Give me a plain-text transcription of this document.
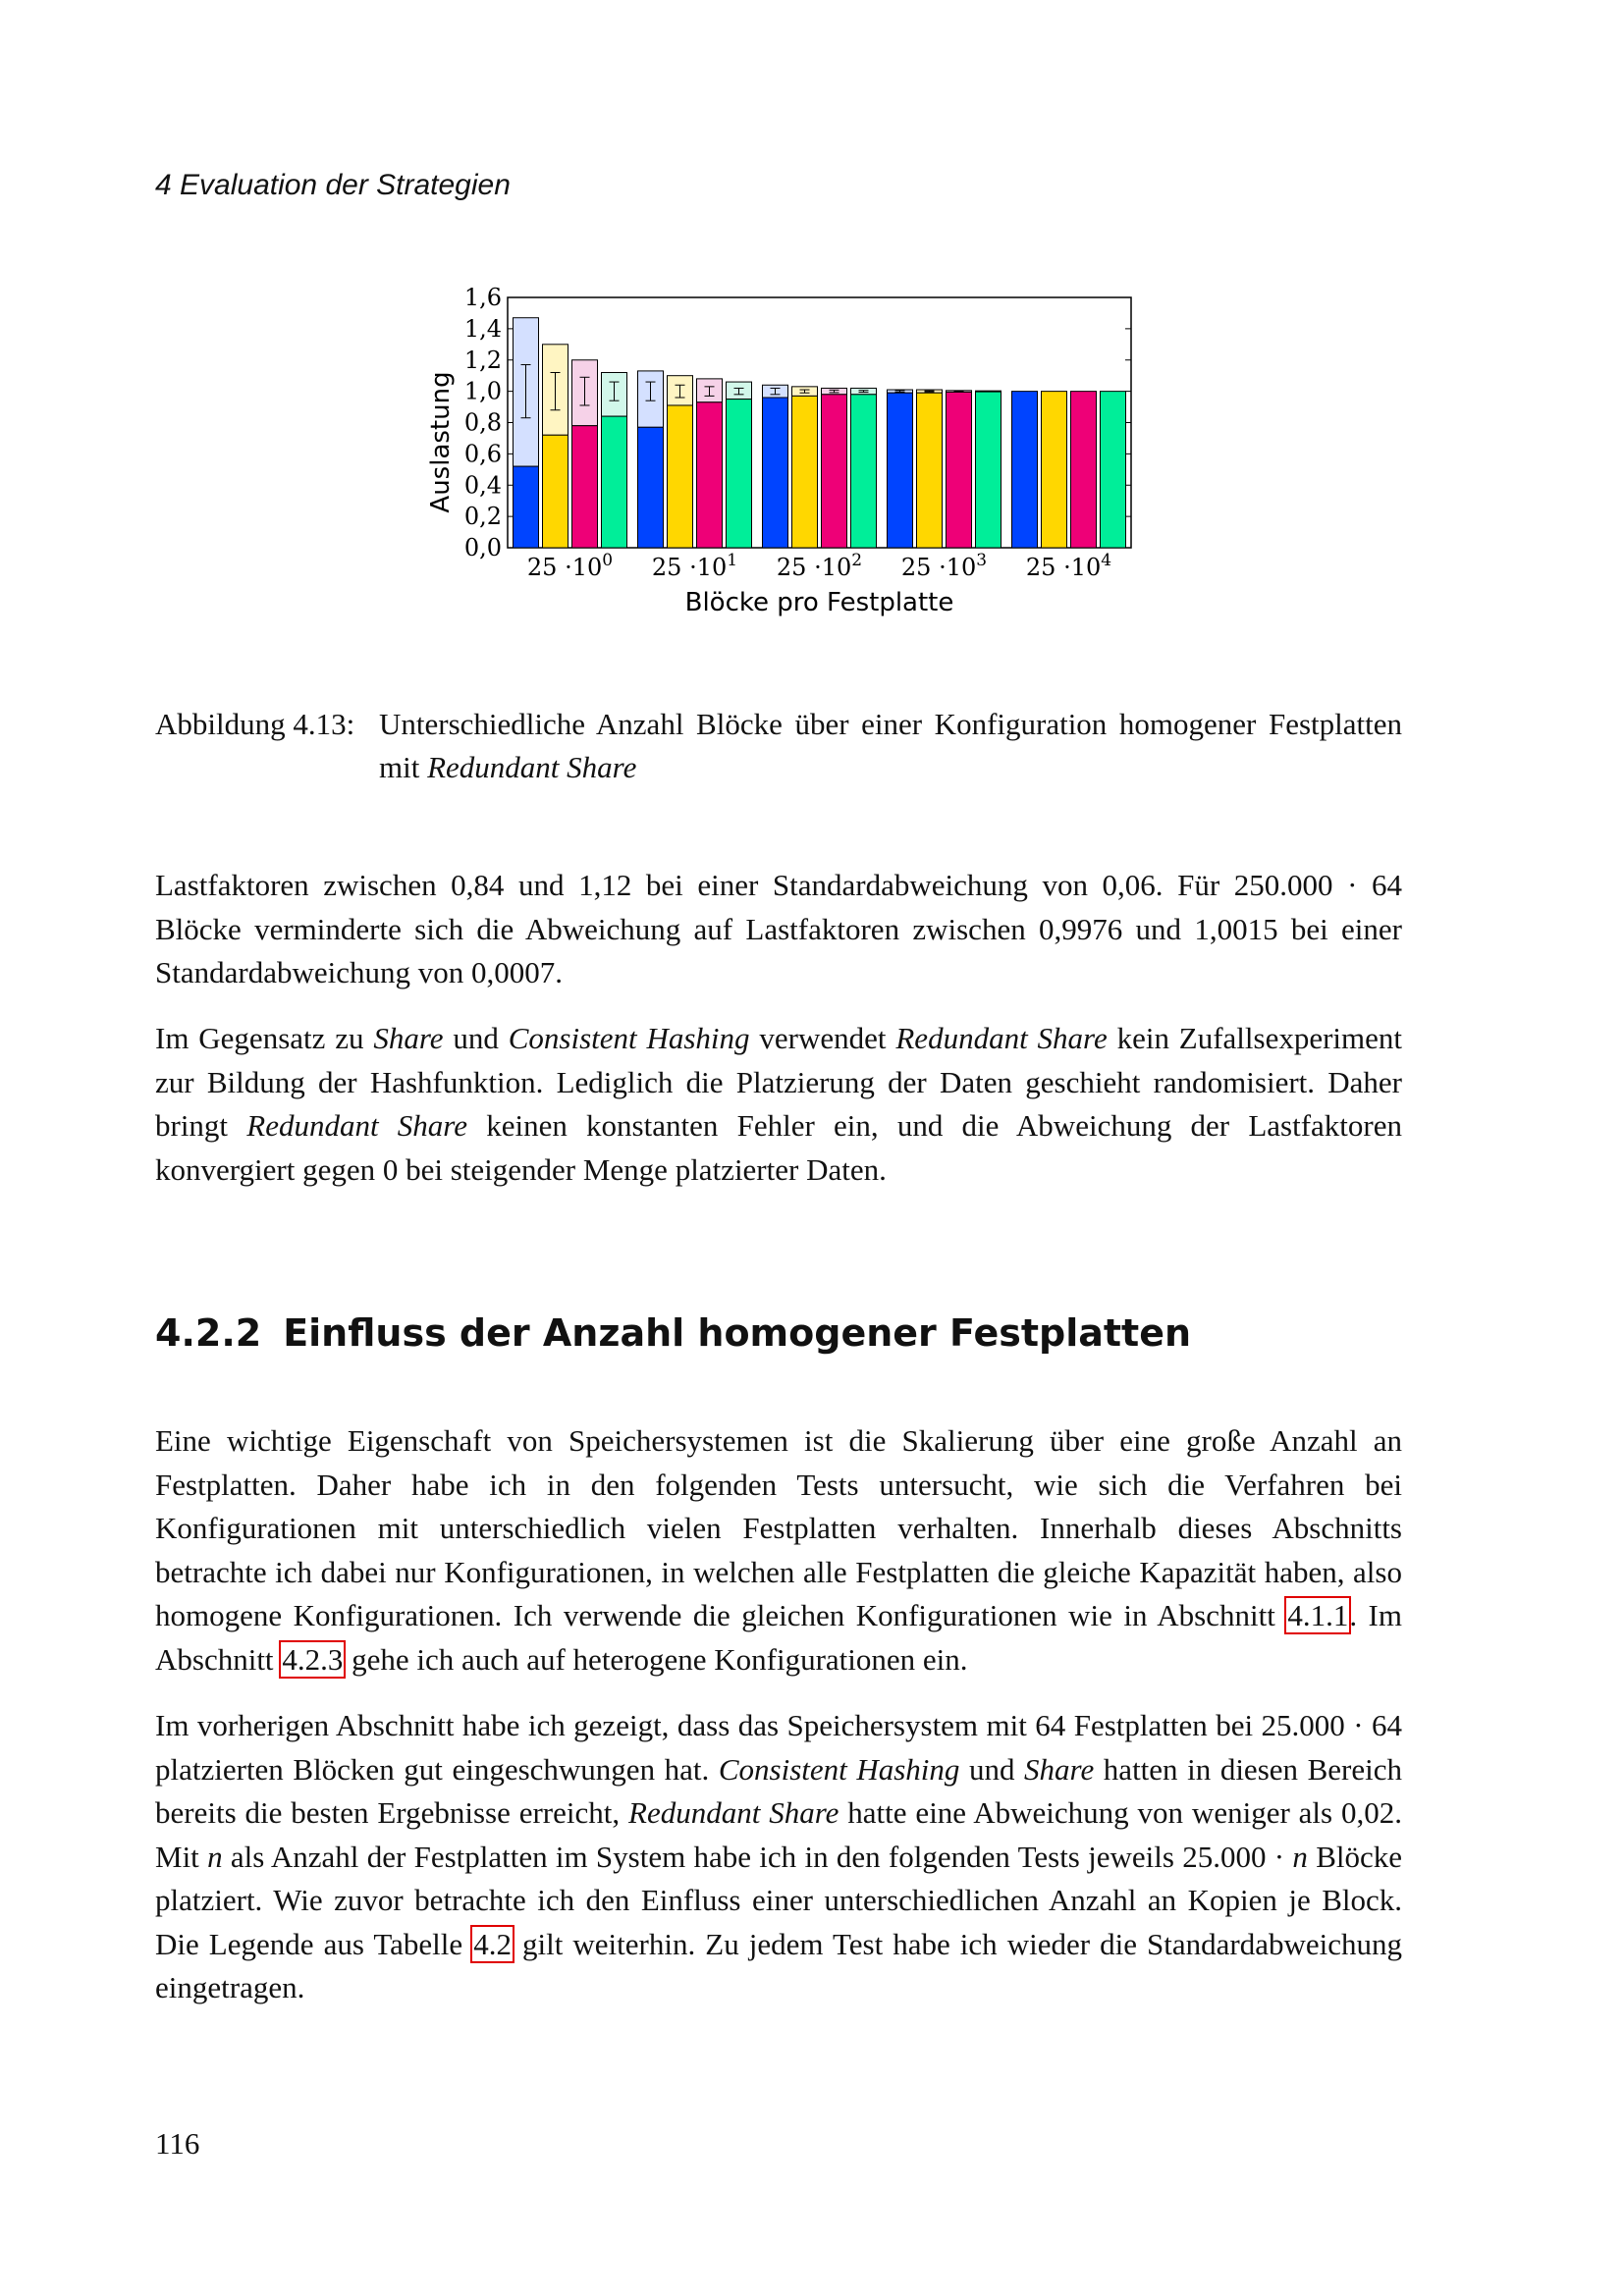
4 Evaluation der Strategien
0,0
0,2
0,4
0,6
0,8
1,0
1,2
1,4
1,6
Auslastung
$25 \cdot 10^0$ $25 \cdot 10^1$ $25 \cdot 10^2$ $25 \cdot 10^3$ $25 \cdot 10^4$
Blöcke pro Festplatte
Abbildung 4.13: Unterschiedliche Anzahl Blöcke über einer Konfiguration homogener Festplatten mit Redundant Share

Lastfaktoren zwischen 0,84 und 1,12 bei einer Standardabweichung von 0,06. Für 250.000 · 64 Blöcke verminderte sich die Abweichung auf Lastfaktoren zwischen 0,9976 und 1,0015 bei einer Standardabweichung von 0,0007.

Im Gegensatz zu Share und Consistent Hashing verwendet Redundant Share kein Zufallsexperiment zur Bildung der Hashfunktion. Lediglich die Platzierung der Daten geschieht randomisiert. Daher bringt Redundant Share keinen konstanten Fehler ein, und die Abweichung der Lastfaktoren konvergiert gegen 0 bei steigender Menge platzierter Daten.

4.2.2 Einfluss der Anzahl homogener Festplatten

Eine wichtige Eigenschaft von Speichersystemen ist die Skalierung über eine große Anzahl an Festplatten. Daher habe ich in den folgenden Tests untersucht, wie sich die Verfahren bei Konfigurationen mit unterschiedlich vielen Festplatten verhalten. Innerhalb dieses Abschnitts betrachte ich dabei nur Konfigurationen, in welchen alle Festplatten die gleiche Kapazität haben, also homogene Konfigurationen. Ich verwende die gleichen Konfigurationen wie in Abschnitt 4.1.1. Im Abschnitt 4.2.3 gehe ich auch auf heterogene Konfigurationen ein.

Im vorherigen Abschnitt habe ich gezeigt, dass das Speichersystem mit 64 Festplatten bei 25.000 · 64 platzierten Blöcken gut eingeschwungen hat. Consistent Hashing und Share hatten in diesen Bereich bereits die besten Ergebnisse erreicht, Redundant Share hatte eine Abweichung von weniger als 0,02. Mit n als Anzahl der Festplatten im System habe ich in den folgenden Tests jeweils 25.000 · n Blöcke platziert. Wie zuvor betrachte ich den Einfluss einer unterschiedlichen Anzahl an Kopien je Block. Die Legende aus Tabelle 4.2 gilt weiterhin. Zu jedem Test habe ich wieder die Standardabweichung eingetragen.

116
